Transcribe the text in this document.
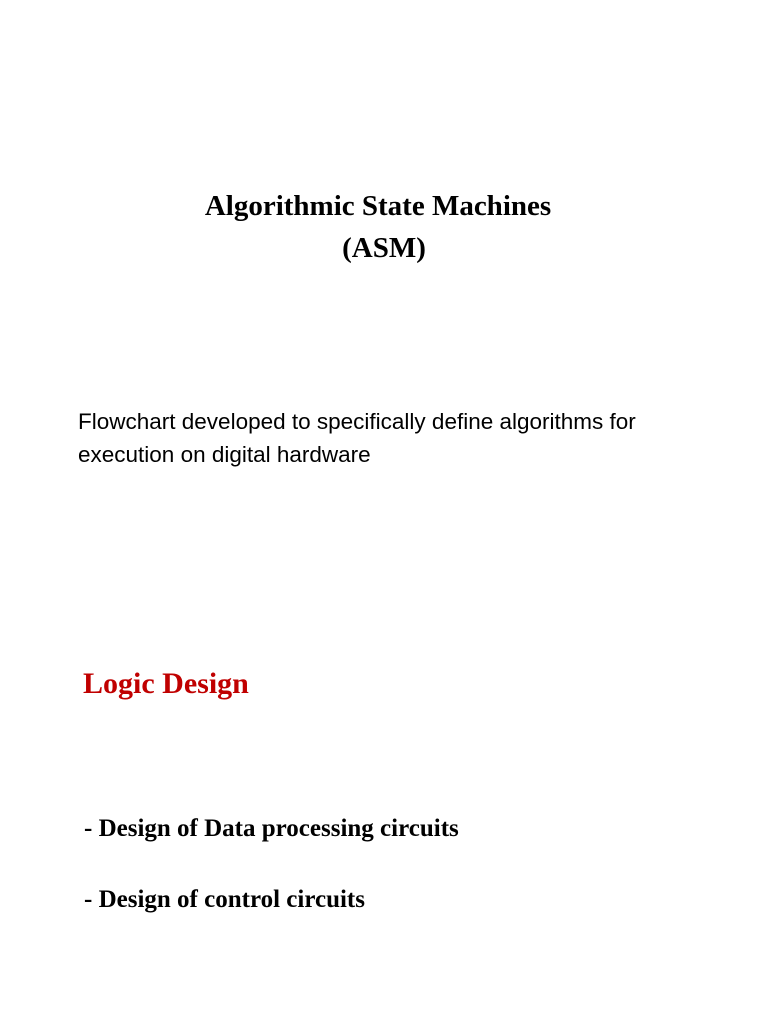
Algorithmic State Machines
(ASM)

Flowchart developed to specifically define algorithms for execution on digital hardware

Logic Design

- Design of Data processing circuits

- Design of control circuits
